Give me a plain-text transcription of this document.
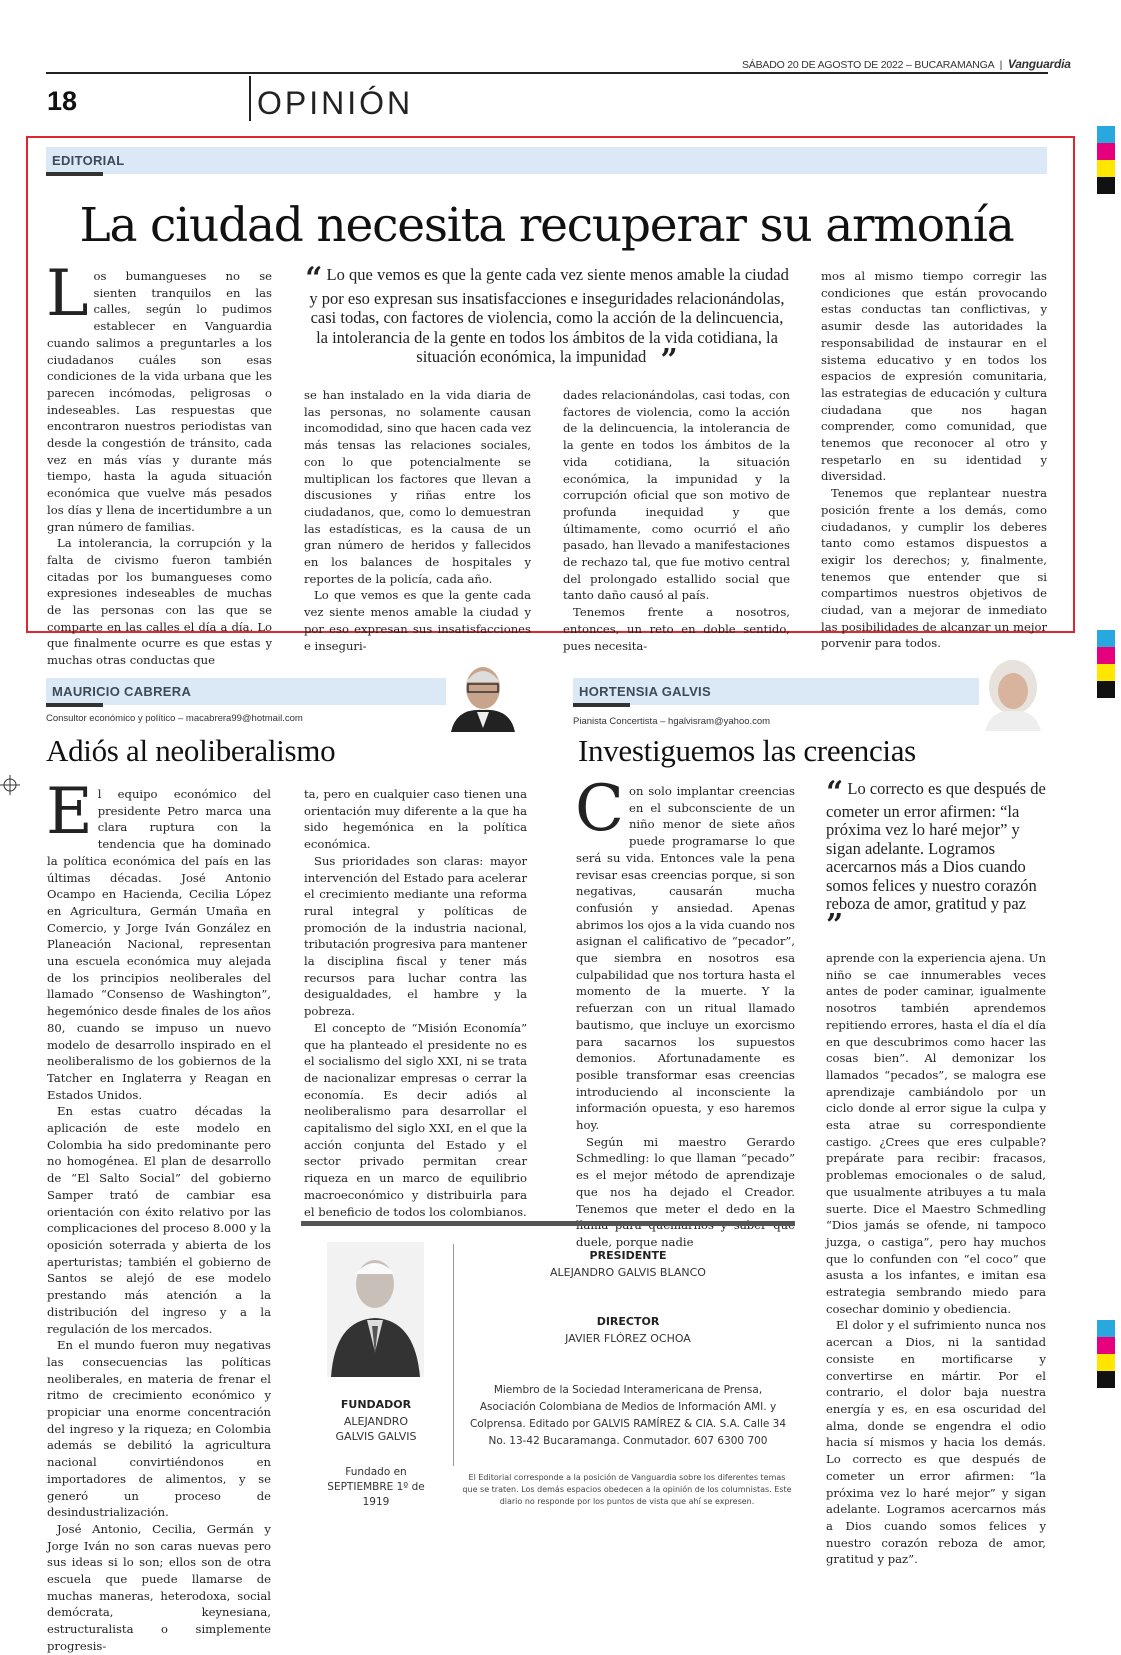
SÁBADO 20 DE AGOSTO DE 2022 – BUCARAMANGA | Vanguardia
18	OPINIÓN
EDITORIAL
La ciudad necesita recuperar su armonía

Los bumangueses no se sienten tranquilos en las calles, según lo pudimos establecer en Vanguardia cuando salimos a preguntarles a los ciudadanos cuáles son esas condiciones de la vida urbana que les parecen incómodas, peligrosas o indeseables. Las respuestas que encontraron nuestros periodistas van desde la congestión de tránsito, cada vez en más vías y durante más tiempo, hasta la aguda situación económica que vuelve más pesados los días y llena de incertidumbre a un gran número de familias.

La intolerancia, la corrupción y la falta de civismo fueron también citadas por los bumangueses como expresiones indeseables de muchas de las personas con las que se comparte en las calles el día a día. Lo que finalmente ocurre es que estas y muchas otras conductas que

“ Lo que vemos es que la gente cada vez siente menos amable la ciudad y por eso expresan sus insatisfacciones e inseguridades relacionándolas, casi todas, con factores de violencia, como la acción de la delincuencia, la intolerancia de la gente en todos los ámbitos de la vida cotidiana, la situación económica, la impunidad ”

se han instalado en la vida diaria de las personas, no solamente causan incomodidad, sino que hacen cada vez más tensas las relaciones sociales, con lo que potencialmente se multiplican los factores que llevan a discusiones y riñas entre los ciudadanos, que, como lo demuestran las estadísticas, es la causa de un gran número de heridos y fallecidos en los balances de hospitales y reportes de la policía, cada año.

Lo que vemos es que la gente cada vez siente menos amable la ciudad y por eso expresan sus insatisfacciones e insegurі-

dades relacionándolas, casi todas, con factores de violencia, como la acción de la delincuencia, la intolerancia de la gente en todos los ámbitos de la vida cotidiana, la situación económica, la impunidad y la corrupción oficial que son motivo de profunda inequidad y que últimamente, como ocurrió el año pasado, han llevado a manifestaciones de rechazo tal, que fue motivo central del prolongado estallido social que tanto daño causó al país.

Tenemos frente a nosotros, entonces, un reto en doble sentido, pues necesita-

mos al mismo tiempo corregir las condiciones que están provocando estas conductas tan conflictivas, y asumir desde las autoridades la responsabilidad de instaurar en el sistema educativo y en todos los espacios de expresión comunitaria, las estrategias de educación y cultura ciudadana que nos hagan comprender, como comunidad, que tenemos que reconocer al otro y respetarlo en su identidad y diversidad.

Tenemos que replantear nuestra posición frente a los demás, como ciudadanos, y cumplir los deberes tanto como estamos dispuestos a exigir los derechos; y, finalmente, tenemos que entender que si compartimos nuestros objetivos de ciudad, van a mejorar de inmediato las posibilidades de alcanzar un mejor porvenir para todos.

MAURICIO CABRERA
Consultor económico y político – macabrera99@hotmail.com
Adiós al neoliberalismo

El equipo económico del presidente Petro marca una clara ruptura con la tendencia que ha dominado la política económica del país en las últimas décadas. José Antonio Ocampo en Hacienda, Cecilia López en Agricultura, Germán Umaña en Comercio, y Jorge Iván González en Planeación Nacional, representan una escuela económica muy alejada de los principios neoliberales del llamado “Consenso de Washington”, hegemónico desde finales de los años 80, cuando se impuso un nuevo modelo de desarrollo inspirado en el neoliberalismo de los gobiernos de la Tatcher en Inglaterra y Reagan en Estados Unidos.

En estas cuatro décadas la aplicación de este modelo en Colombia ha sido predominante pero no homogénea. El plan de desarrollo de “El Salto Social” del gobierno Samper trató de cambiar esa orientación con éxito relativo por las complicaciones del proceso 8.000 y la oposición soterrada y abierta de los aperturistas; también el gobierno de Santos se alejó de ese modelo prestando más atención a la distribución del ingreso y a la regulación de los mercados.

En el mundo fueron muy negativas las consecuencias las políticas neoliberales, en materia de frenar el ritmo de crecimiento económico y propiciar una enorme concentración del ingreso y la riqueza; en Colombia además se debilitó la agricultura nacional convirtiéndonos en importadores de alimentos, y se generó un proceso de desindustrialización.

José Antonio, Cecilia, Germán y Jorge Iván no son caras nuevas pero sus ideas si lo son; ellos son de otra escuela que puede llamarse de muchas maneras, heterodoxa, social demócrata, keynesiana, estructuralista o simplemente progresis-

ta, pero en cualquier caso tienen una orientación muy diferente a la que ha sido hegemónica en la política económica.

Sus prioridades son claras: mayor intervención del Estado para acelerar el crecimiento mediante una reforma rural integral y políticas de promoción de la industria nacional, tributación progresiva para mantener la disciplina fiscal y tener más recursos para luchar contra las desigualdades, el hambre y la pobreza.

El concepto de “Misión Economía” que ha planteado el presidente no es el socialismo del siglo XXI, ni se trata de nacionalizar empresas o cerrar la economía. Es decir adiós al neoliberalismo para desarrollar el capitalismo del siglo XXI, en el que la acción conjunta del Estado y el sector privado permitan crear riqueza en un marco de equilibrio macroeconómico y distribuirla para el beneficio de todos los colombianos.

HORTENSIA GALVIS
Pianista Concertista – hgalvisram@yahoo.com
Investiguemos las creencias

Con solo implantar creencias en el subconsciente de un niño menor de siete años puede programarse lo que será su vida. Entonces vale la pena revisar esas creencias porque, si son negativas, causarán mucha confusión y ansiedad. Apenas abrimos los ojos a la vida cuando nos asignan el calificativo de “pecador”, que siembra en nosotros esa culpabilidad que nos tortura hasta el momento de la muerte. Y la refuerzan con un ritual llamado bautismo, que incluye un exorcismo para sacarnos los supuestos demonios. Afortunadamente es posible transformar esas creencias introduciendo al inconsciente la información opuesta, y eso haremos hoy.

Según mi maestro Gerardo Schmedling: lo que llaman “pecado” es el mejor método de aprendizaje que nos ha dejado el Creador. Tenemos que meter el dedo en la duele, porque nadie

“ Lo correcto es que después de cometer un error afirmen: “la próxima vez lo haré mejor” y sigan adelante. Logramos acercarnos más a Dios cuando somos felices y nuestro corazón reboza de amor, gratitud y paz ”

aprende con la experiencia ajena. Un niño se cae innumerables veces antes de poder caminar, igualmente nosotros también aprendemos repitiendo errores, hasta el día el día en que descubrimos como hacer las cosas bien”. Al demonizar los llamados “pecados”, se malogra ese aprendizaje cambiándolo por un ciclo donde al error sigue la culpa y esta atrae su correspondiente castigo. ¿Crees que eres culpable? prepárate para recibir: fracasos, problemas emocionales o de salud, que usualmente atribuyes a tu mala suerte. Dice el Maestro Schmedling “Dios jamás se ofende, ni tampoco juzga, o castiga”, pero hay muchos que lo confunden con “el coco” que asusta a los infantes, e imitan esa estrategia sembrando miedo para cosechar dominio y obediencia.

El dolor y el sufrimiento nunca nos acercan a Dios, ni la santidad consiste en mortificarse y convertirse en mártir. Por el contrario, el dolor baja nuestra energía y es, en esa oscuridad del alma, donde se engendra el odio hacia sí mismos y hacia los demás. Lo correcto es que después de cometer un error afirmen: “la próxima vez lo haré mejor” y sigan adelante. Logramos acercarnos más a Dios cuando somos felices y nuestro corazón reboza de amor, gratitud y paz”.

FUNDADOR
ALEJANDRO GALVIS GALVIS
Fundado en SEPTIEMBRE 1º de 1919
PRESIDENTE
ALEJANDRO GALVIS BLANCO
DIRECTOR
JAVIER FLÓREZ OCHOA
Miembro de la Sociedad Interamericana de Prensa, Asociación Colombiana de Medios de Información AMI. y Colprensa. Editado por GALVIS RAMÍREZ & CIA. S.A. Calle 34 No. 13-42 Bucaramanga. Conmutador. 607 6300 700
El Editorial corresponde a la posición de Vanguardia sobre los diferentes temas que se traten. Los demás espacios obedecen a la opinión de los columnistas. Este diario no responde por los puntos de vista que ahí se expresen.
